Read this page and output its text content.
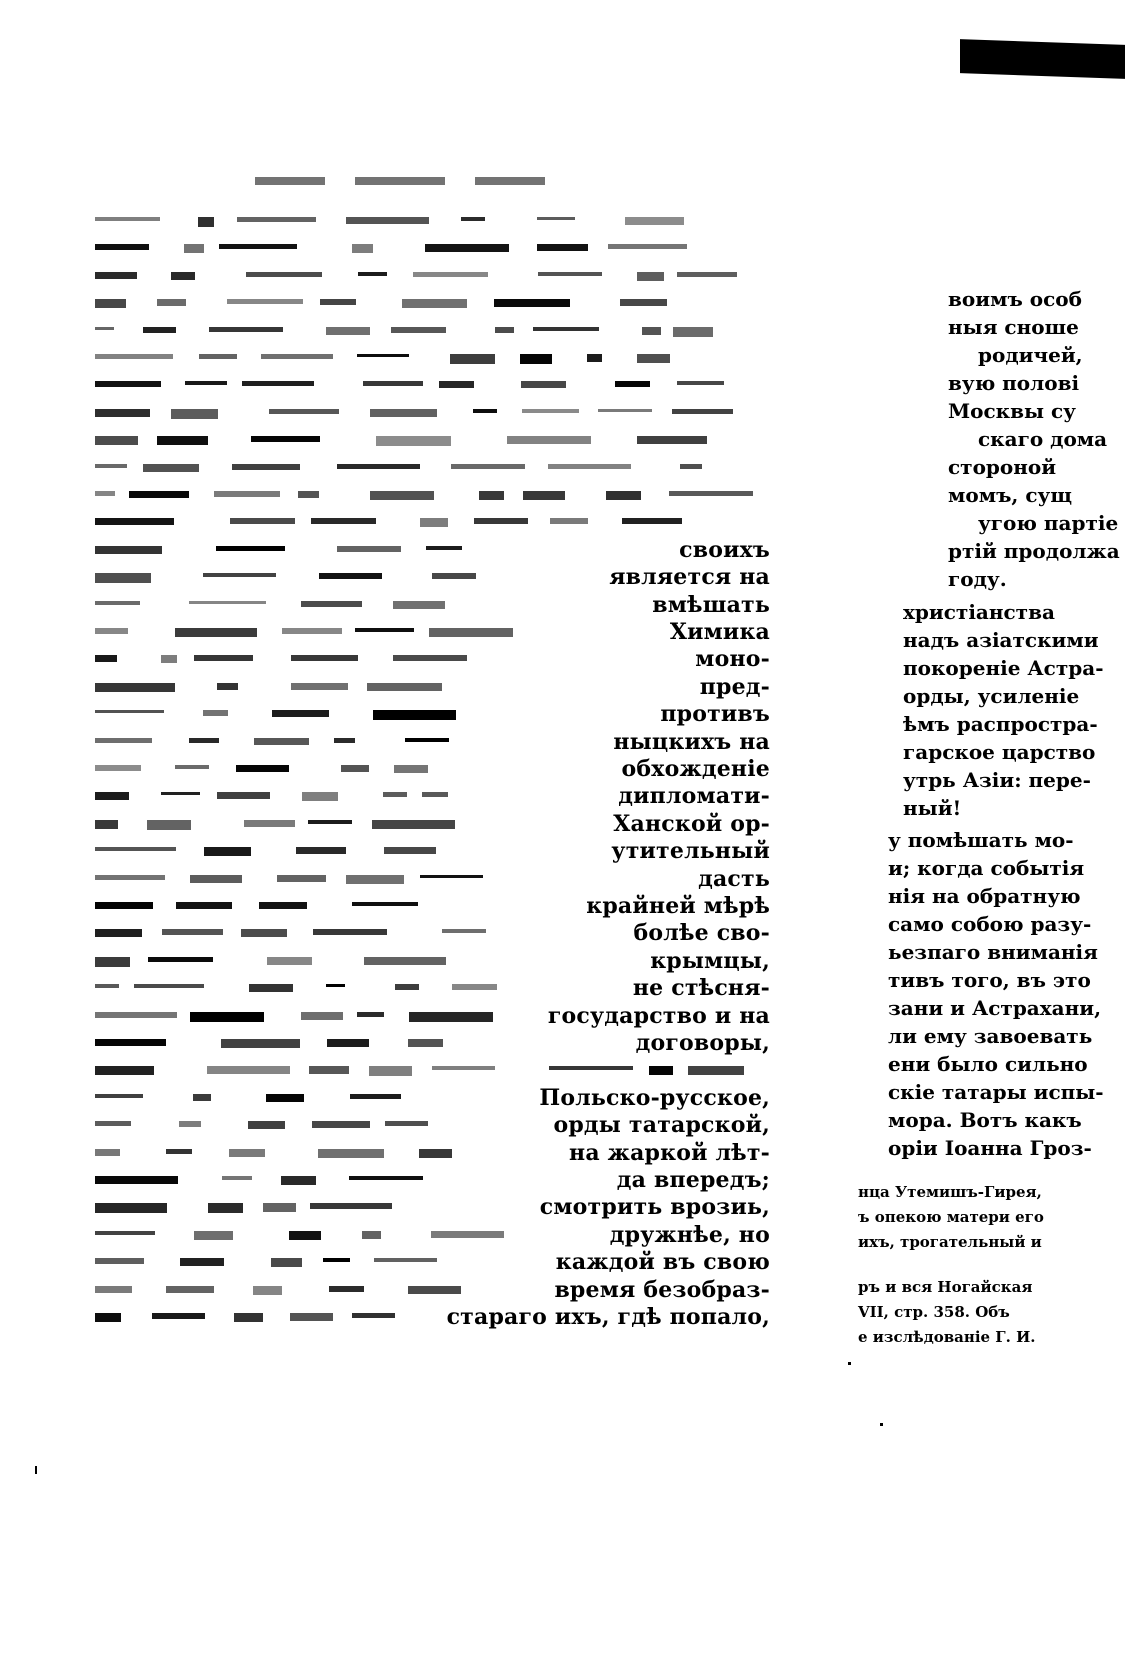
своихъ
является на
вмѣшать
Химика
моно-
пред-
противъ
ныцкихъ на
обхожденіе
дипломати-
Ханской ор-
утительный
дасть
крайней мѣрѣ
болѣе сво-
крымцы,
не стѣсня-
государство и на
договоры,
Польско-русское,
орды татарской,
на жаркой лѣт-
да впередъ;
смотрить врозиь,
дружнѣе, но
каждой въ свою
время безобраз-
стараго ихъ, гдѣ попало,
воимъ особ
ныя сноше
родичей,
вую полові
Москвы су
скаго дома
стороной
момъ, сущ
угою партіе
ртій продолжа
году.
христіанства
надъ азіатскими
покореніе Астра-
орды, усиленіе
ѣмъ распростра-
гарское царство
утрь Азіи: пере-
ный!
у помѣшать мо-
и; когда событія
нія на обратную
само собою разу-
ьезпаго вниманія
тивъ того, въ это
зани и Астрахани,
ли ему завоевать
ени было сильно
скіе татары испы-
мора. Вотъ какъ
оріи Іоанна Гроз-
нца Утемишъ-Гирея,
ъ опекою матери его
ихъ, трогательный и
ръ и вся Ногайская
VII, стр. 358. Объ
е изслѣдованіе Г. И.
